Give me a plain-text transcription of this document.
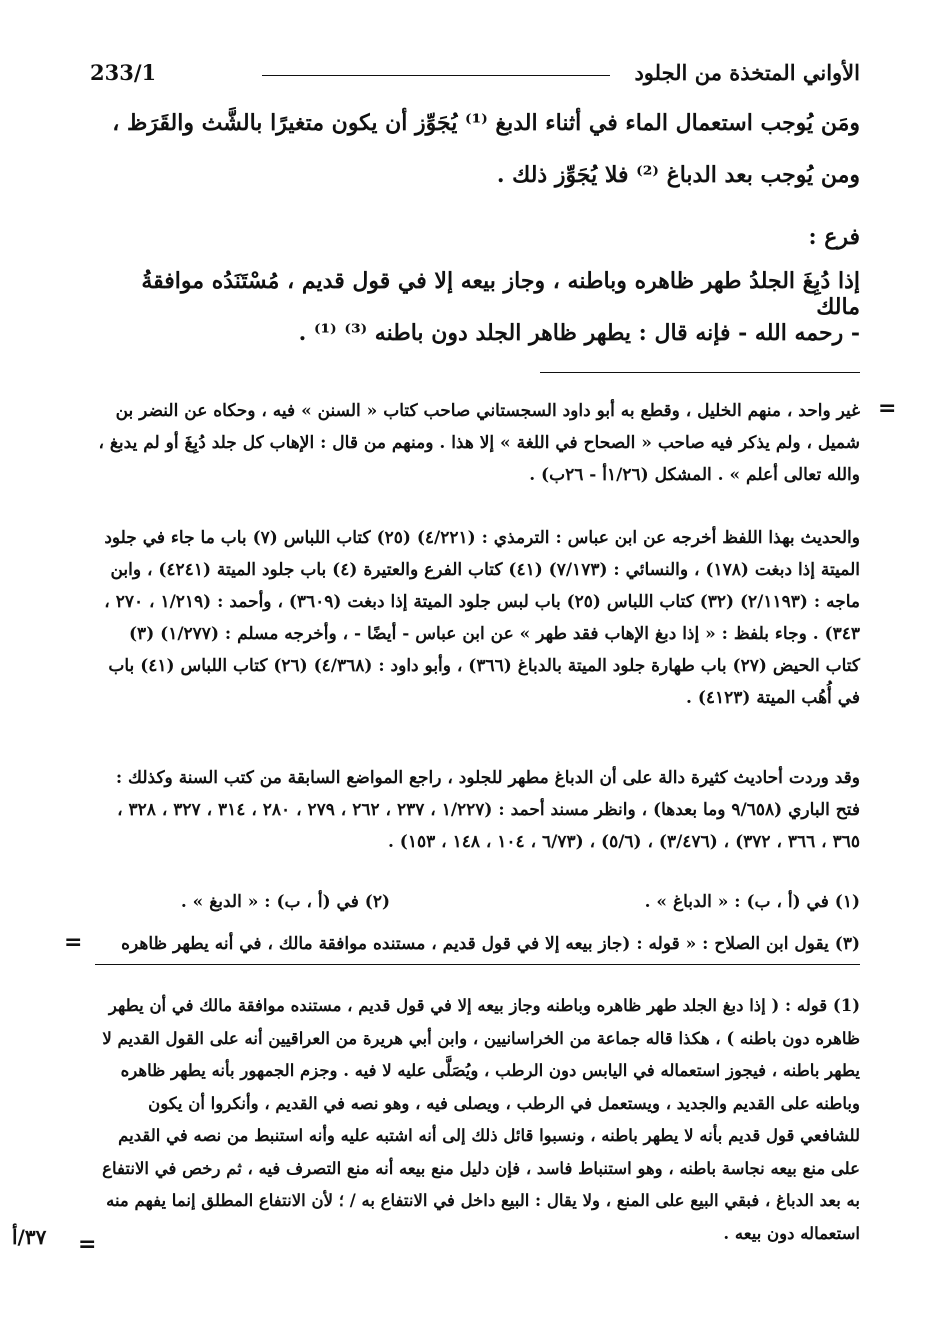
الأواني المتخذة من الجلود
233/1
ومَن يُوجب استعمال الماء في أثناء الدبغ ⁽¹⁾ يُجَوِّز أن يكون متغيرًا بالشَّث والقَرَظ ،
ومن يُوجب بعد الدباغ ⁽²⁾ فلا يُجَوِّز ذلك .
فرع :
إذا دُبِغَ الجلدُ طهر ظاهره وباطنه ، وجاز بيعه إلا في قول قديم ، مُسْتَنَدُه موافقةُ مالك
- رحمه الله - فإنه قال : يطهر ظاهر الجلد دون باطنه ⁽³⁾ ⁽¹⁾ .
=
غير واحد ، منهم الخليل ، وقطع به أبو داود السجستاني صاحب كتاب « السنن » فيه ، وحكاه عن النضر بن شميل ، ولم يذكر فيه صاحب « الصحاح في اللغة » إلا هذا . ومنهم من قال : الإهاب كل جلد دُبِغَ أو لم يدبغ ، والله تعالى أعلم » . المشكل (١/٢٦أ - ٢٦ب) .
والحديث بهذا اللفظ أخرجه عن ابن عباس : الترمذي : (٤/٢٢١) (٢٥) كتاب اللباس (٧) باب ما جاء في جلود الميتة إذا دبغت (١٧٨) ، والنسائي : (٧/١٧٣) (٤١) كتاب الفرع والعتيرة (٤) باب جلود الميتة (٤٢٤١) ، وابن ماجه : (٢/١١٩٣) (٣٢) كتاب اللباس (٢٥) باب لبس جلود الميتة إذا دبغت (٣٦٠٩) ، وأحمد : (١/٢١٩ ، ٢٧٠ ، ٣٤٣) . وجاء بلفظ : « إذا دبغ الإهاب فقد طهر » عن ابن عباس - أيضًا - ، وأخرجه مسلم : (١/٢٧٧) (٣) كتاب الحيض (٢٧) باب طهارة جلود الميتة بالدباغ (٣٦٦) ، وأبو داود : (٤/٣٦٨) (٢٦) كتاب اللباس (٤١) باب في أُهُب الميتة (٤١٢٣) .
وقد وردت أحاديث كثيرة دالة على أن الدباغ مطهر للجلود ، راجع المواضع السابقة من كتب السنة وكذلك : فتح الباري (٩/٦٥٨ وما بعدها) ، وانظر مسند أحمد : (١/٢٢٧ ، ٢٣٧ ، ٢٦٢ ، ٢٧٩ ، ٢٨٠ ، ٣١٤ ، ٣٢٧ ، ٣٢٨ ، ٣٦٥ ، ٣٦٦ ، ٣٧٢) ، (٣/٤٧٦) ، (٥/٦) ، (٦/٧٣ ، ١٠٤ ، ١٤٨ ، ١٥٣) .
(١) في (أ ، ب) : « الدباغ » .
(٢) في (أ ، ب) : « الدبغ » .
(٣) يقول ابن الصلاح : « قوله : (جاز بيعه إلا في قول قديم ، مستنده موافقة مالك ، في أنه يطهر ظاهره
=
(1) قوله : ( إذا دبغ الجلد طهر ظاهره وباطنه وجاز بيعه إلا في قول قديم ، مستنده موافقة مالك في أن يطهر ظاهره دون باطنه ) ، هكذا قاله جماعة من الخراسانيين ، وابن أبي هريرة من العراقيين أنه على القول القديم لا يطهر باطنه ، فيجوز استعماله في اليابس دون الرطب ، ويُصَلَّى عليه لا فيه . وجزم الجمهور بأنه يطهر ظاهره وباطنه على القديم والجديد ، ويستعمل في الرطب ، ويصلى فيه ، وهو نصه في القديم ، وأنكروا أن يكون للشافعي قول قديم بأنه لا يطهر باطنه ، ونسبوا قائل ذلك إلى أنه اشتبه عليه وأنه استنبط من نصه في القديم على منع بيعه نجاسة باطنه ، وهو استنباط فاسد ، فإن دليل منع بيعه أنه منع التصرف فيه ، ثم رخص في الانتفاع به بعد الدباغ ، فبقي البيع على المنع ، ولا يقال : البيع داخل في الانتفاع به / ؛ لأن الانتفاع المطلق إنما يفهم منه استعماله دون بيعه .
=
٣٧/أ
